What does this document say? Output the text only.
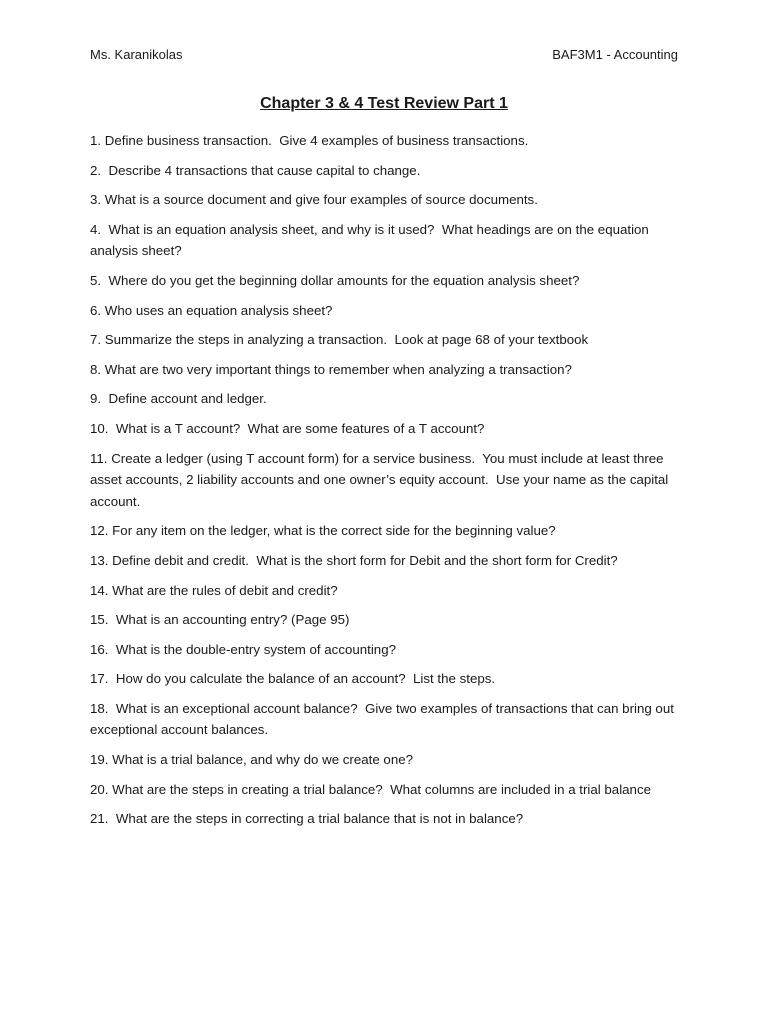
Ms. Karanikolas	BAF3M1 - Accounting
Chapter 3 & 4 Test Review Part 1
1. Define business transaction.  Give 4 examples of business transactions.
2.  Describe 4 transactions that cause capital to change.
3. What is a source document and give four examples of source documents.
4.  What is an equation analysis sheet, and why is it used?  What headings are on the equation analysis sheet?
5.  Where do you get the beginning dollar amounts for the equation analysis sheet?
6. Who uses an equation analysis sheet?
7. Summarize the steps in analyzing a transaction.  Look at page 68 of your textbook
8. What are two very important things to remember when analyzing a transaction?
9.  Define account and ledger.
10.  What is a T account?  What are some features of a T account?
11. Create a ledger (using T account form) for a service business.  You must include at least three asset accounts, 2 liability accounts and one owner’s equity account.  Use your name as the capital account.
12. For any item on the ledger, what is the correct side for the beginning value?
13. Define debit and credit.  What is the short form for Debit and the short form for Credit?
14. What are the rules of debit and credit?
15.  What is an accounting entry? (Page 95)
16.  What is the double-entry system of accounting?
17.  How do you calculate the balance of an account?  List the steps.
18.  What is an exceptional account balance?  Give two examples of transactions that can bring out exceptional account balances.
19. What is a trial balance, and why do we create one?
20. What are the steps in creating a trial balance?  What columns are included in a trial balance
21.  What are the steps in correcting a trial balance that is not in balance?
